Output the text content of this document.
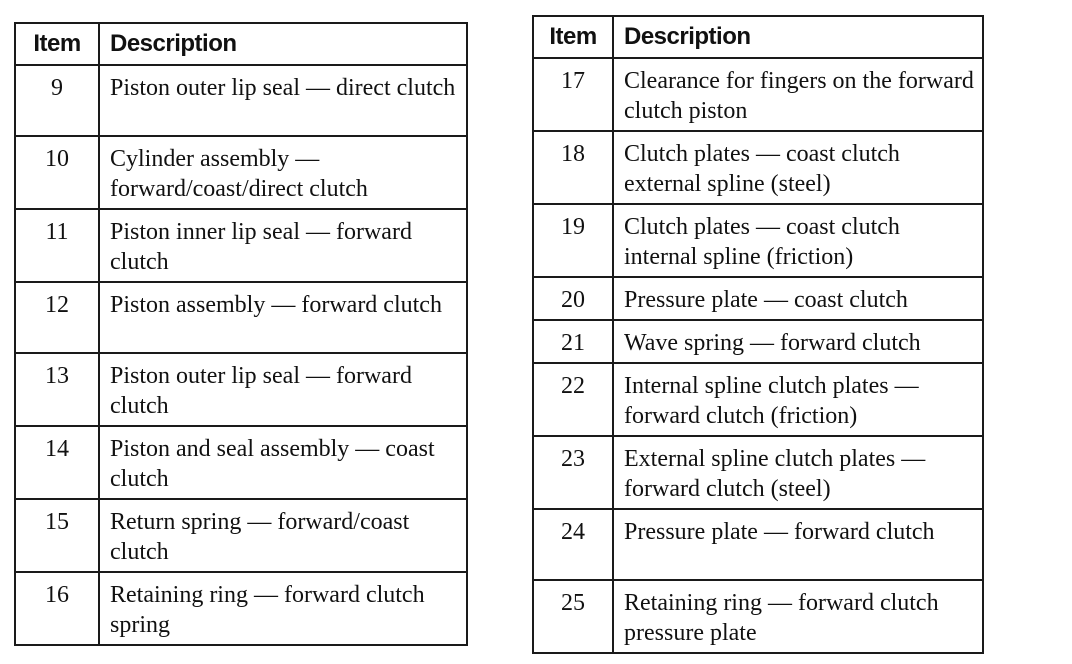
Item	Description
9	Piston outer lip seal — direct clutch
10	Cylinder assembly — forward/coast/direct clutch
11	Piston inner lip seal — forward clutch
12	Piston assembly — forward clutch
13	Piston outer lip seal — forward clutch
14	Piston and seal assembly — coast clutch
15	Return spring — forward/coast clutch
16	Retaining ring — forward clutch spring
Item	Description
17	Clearance for fingers on the forward clutch piston
18	Clutch plates — coast clutch external spline (steel)
19	Clutch plates — coast clutch internal spline (friction)
20	Pressure plate — coast clutch
21	Wave spring — forward clutch
22	Internal spline clutch plates — forward clutch (friction)
23	External spline clutch plates — forward clutch (steel)
24	Pressure plate — forward clutch
25	Retaining ring — forward clutch pressure plate
